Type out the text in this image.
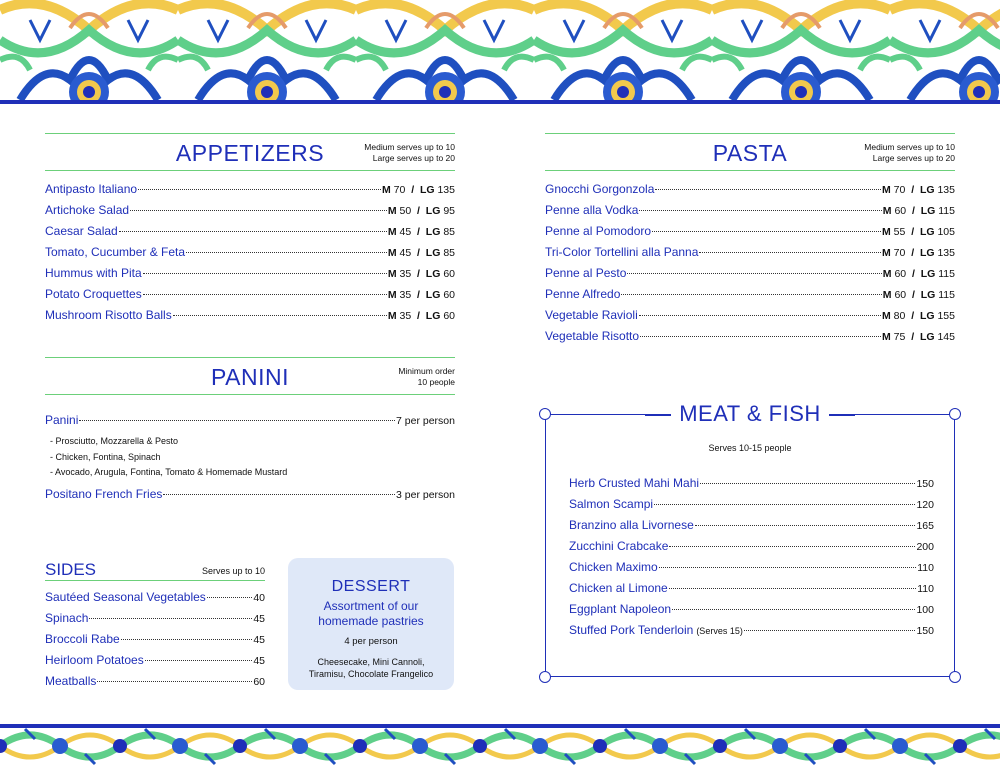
APPETIZERS	Medium serves up to 10
Large serves up to 20
Antipasto Italiano	M 70 / LG 135
Artichoke Salad	M 50 / LG 95
Caesar Salad	M 45 / LG 85
Tomato, Cucumber & Feta	M 45 / LG 85
Hummus with Pita	M 35 / LG 60
Potato Croquettes	M 35 / LG 60
Mushroom Risotto Balls	M 35 / LG 60
PANINI	Minimum order
10 people
Panini	7 per person
- Prosciutto, Mozzarella & Pesto
- Chicken, Fontina, Spinach
- Avocado, Arugula, Fontina, Tomato & Homemade Mustard
Positano French Fries	3 per person
SIDES	Serves up to 10
Sautéed Seasonal Vegetables	40
Spinach	45
Broccoli Rabe	45
Heirloom Potatoes	45
Meatballs	60
DESSERT
Assortment of our
homemade pastries
4 per person
Cheesecake, Mini Cannoli,
Tiramisu, Chocolate Frangelico
PASTA	Medium serves up to 10
Large serves up to 20
Gnocchi Gorgonzola	M 70 / LG 135
Penne alla Vodka	M 60 / LG 115
Penne al Pomodoro	M 55 / LG 105
Tri-Color Tortellini alla Panna	M 70 / LG 135
Penne al Pesto	M 60 / LG 115
Penne Alfredo	M 60 / LG 115
Vegetable Ravioli	M 80 / LG 155
Vegetable Risotto	M 75 / LG 145
MEAT & FISH
Serves 10-15 people
Herb Crusted Mahi Mahi	150
Salmon Scampi	120
Branzino alla Livornese	165
Zucchini Crabcake	200
Chicken Maximo	110
Chicken al Limone	110
Eggplant Napoleon	100
Stuffed Pork Tenderloin (Serves 15)	150
